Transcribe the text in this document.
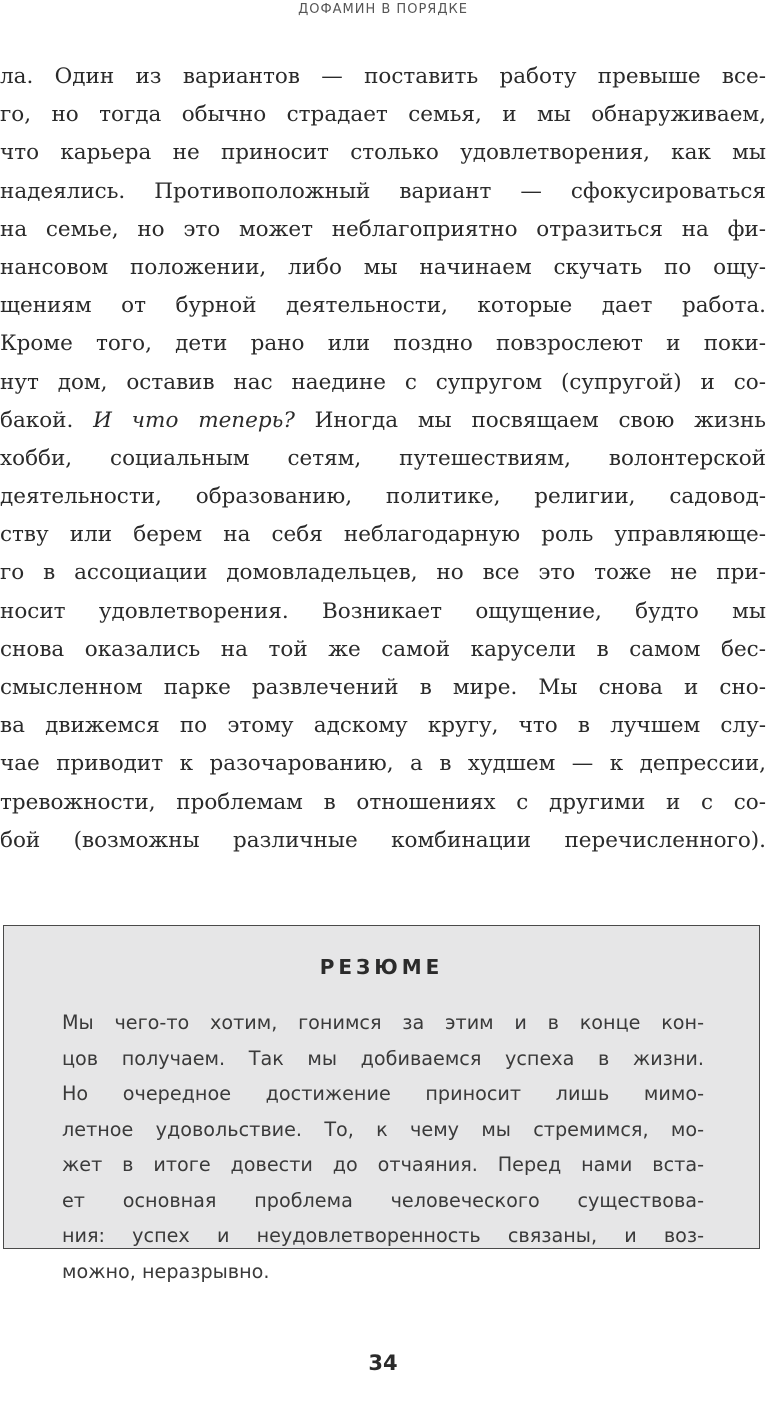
ДОФАМИН В ПОРЯДКЕ
ла. Один из вариантов — поставить работу превыше все-
го, но тогда обычно страдает семья, и мы обнаруживаем,
что карьера не приносит столько удовлетворения, как мы
надеялись. Противоположный вариант — сфокусироваться
на семье, но это может неблагоприятно отразиться на фи-
нансовом положении, либо мы начинаем скучать по ощу-
щениям от бурной деятельности, которые дает работа.
Кроме того, дети рано или поздно повзрослеют и поки-
нут дом, оставив нас наедине с супругом (супругой) и со-
бакой. И что теперь? Иногда мы посвящаем свою жизнь
хобби, социальным сетям, путешествиям, волонтерской
деятельности, образованию, политике, религии, садовод-
ству или берем на себя неблагодарную роль управляюще-
го в ассоциации домовладельцев, но все это тоже не при-
носит удовлетворения. Возникает ощущение, будто мы
снова оказались на той же самой карусели в самом бес-
смысленном парке развлечений в мире. Мы снова и сно-
ва движемся по этому адскому кругу, что в лучшем слу-
чае приводит к разочарованию, а в худшем — к депрессии,
тревожности, проблемам в отношениях с другими и с со-
бой (возможны различные комбинации перечисленного).
РЕЗЮМЕ
Мы чего-то хотим, гонимся за этим и в конце кон-
цов получаем. Так мы добиваемся успеха в жизни.
Но очередное достижение приносит лишь мимо-
летное удовольствие. То, к чему мы стремимся, мо-
жет в итоге довести до отчаяния. Перед нами вста-
ет основная проблема человеческого существова-
ния: успех и неудовлетворенность связаны, и воз-
можно, неразрывно.
34
